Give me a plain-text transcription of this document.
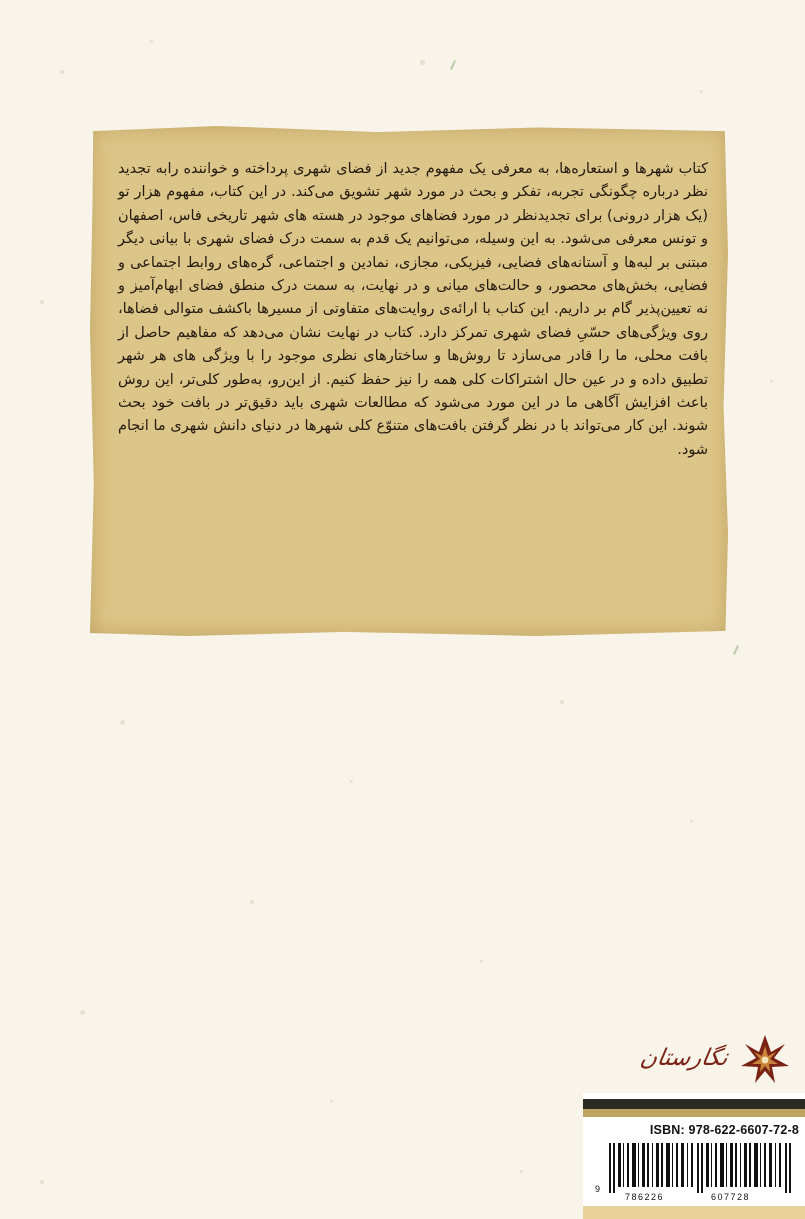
کتاب شهرها و استعاره‌ها، به معرفی یک مفهوم جدید از فضای شهری پرداخته و خواننده رابه تجدید نظر درباره چگونگی تجربه، تفکر و بحث در مورد شهر تشویق می‌کند. در این کتاب، مفهوم هزار تو (یک هزار درونی) برای تجدیدنظر در مورد فضاهای موجود در هسته های شهر تاریخی فاس، اصفهان و تونس معرفی می‌شود. به این وسیله، می‌توانیم یک قدم به سمت درک فضای شهری با بیانی دیگر مبتنی بر لبه‌ها و آستانه‌های فضایی، فیزیکی، مجازی، نمادین و اجتماعی، گره‌های روابط اجتماعی و فضایی، بخش‌های محصور، و حالت‌های میانی و در نهایت، به سمت درک منطق فضای ابهام‌آمیز و نه تعیین‌پذیر گام بر داریم. این کتاب با ارائه‌ی روایت‌های متفاوتی از مسیرها باکشف متوالی فضاها، روی ویژگی‌های حسّیِ فضای شهری تمرکز دارد. کتاب در نهایت نشان می‌دهد که مفاهیم حاصل از بافت محلی، ما را قادر می‌سازد تا روش‌ها و ساختارهای نظری موجود را با ویژگی های هر شهر تطبیق داده و در عین حال اشتراکات کلی همه را نیز حفظ کنیم. از این‌رو، به‌طور کلی‌تر، این روش باعث افزایش آگاهی ما در این مورد می‌شود که مطالعات شهری باید دقیق‌تر در بافت خود بحث شوند. این کار می‌تواند با در نظر گرفتن بافت‌های متنوّع کلی شهرها در دنیای دانش شهری ما انجام شود.

نگارستان
ISBN: 978-622-6607-72-8
9
786226	607728
